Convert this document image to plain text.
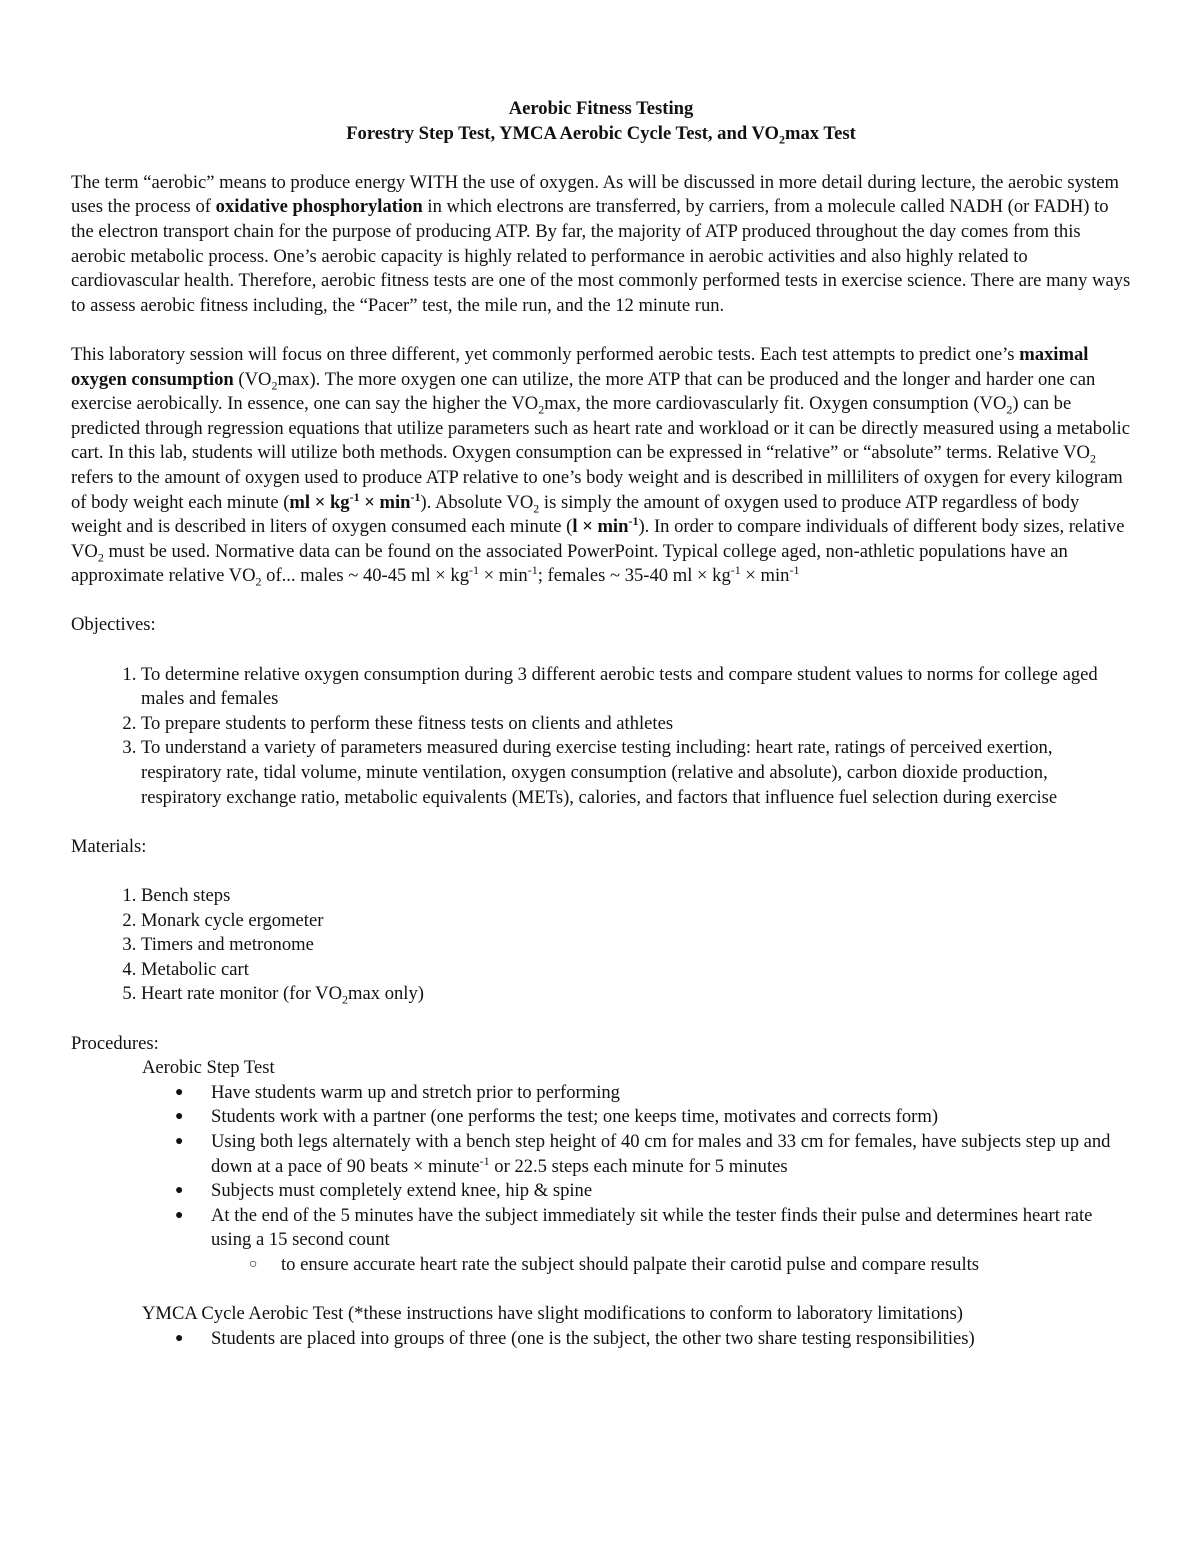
Aerobic Fitness Testing
Forestry Step Test, YMCA Aerobic Cycle Test, and $VO_2\max$ Test

The term “aerobic” means to produce energy WITH the use of oxygen. As will be discussed in more detail during lecture, the aerobic system uses the process of oxidative phosphorylation in which electrons are transferred, by carriers, from a molecule called NADH (or FADH) to the electron transport chain for the purpose of producing ATP. By far, the majority of ATP produced throughout the day comes from this aerobic metabolic process. One’s aerobic capacity is highly related to performance in aerobic activities and also highly related to cardiovascular health. Therefore, aerobic fitness tests are one of the most commonly performed tests in exercise science. There are many ways to assess aerobic fitness including, the “Pacer” test, the mile run, and the 12 minute run.

This laboratory session will focus on three different, yet commonly performed aerobic tests. Each test attempts to predict one’s maximal oxygen consumption $(VO_2\max)$. The more oxygen one can utilize, the more ATP that can be produced and the longer and harder one can exercise aerobically. In essence, one can say the higher the $VO_2\max$, the more cardiovascularly fit. Oxygen consumption $(VO_2)$ can be predicted through regression equations that utilize parameters such as heart rate and workload or it can be directly measured using a metabolic cart. In this lab, students will utilize both methods. Oxygen consumption can be expressed in “relative” or “absolute” terms. Relative $VO_2$ refers to the amount of oxygen used to produce ATP relative to one’s body weight and is described in milliliters of oxygen for every kilogram of body weight each minute $(ml \times kg^{-1} \times \min^{-1})$. Absolute $VO_2$ is simply the amount of oxygen used to produce ATP regardless of body weight and is described in liters of oxygen consumed each minute $(l \times \min^{-1})$. In order to compare individuals of different body sizes, relative $VO_2$ must be used. Normative data can be found on the associated PowerPoint. Typical college aged, non-athletic populations have an approximate relative $VO_2$ of... males ~ 40-45 ml × $kg^{-1} \times \min^{-1}$; females ~ 35-40 ml × $kg^{-1} \times \min^{-1}$

Objectives:

1. To determine relative oxygen consumption during 3 different aerobic tests and compare student values to norms for college aged males and females
2. To prepare students to perform these fitness tests on clients and athletes
3. To understand a variety of parameters measured during exercise testing including: heart rate, ratings of perceived exertion, respiratory rate, tidal volume, minute ventilation, oxygen consumption (relative and absolute), carbon dioxide production, respiratory exchange ratio, metabolic equivalents (METs), calories, and factors that influence fuel selection during exercise

Materials:

1. Bench steps
2. Monark cycle ergometer
3. Timers and metronome
4. Metabolic cart
5. Heart rate monitor (for $VO_2\max$ only)

Procedures:

Aerobic Step Test

● Have students warm up and stretch prior to performing
● Students work with a partner (one performs the test; one keeps time, motivates and corrects form)
● Using both legs alternately with a bench step height of 40 cm for males and 33 cm for females, have subjects step up and down at a pace of 90 beats × minute$^{-1}$ or 22.5 steps each minute for 5 minutes
● Subjects must completely extend knee, hip & spine
● At the end of the 5 minutes have the subject immediately sit while the tester finds their pulse and determines heart rate using a 15 second count
○ to ensure accurate heart rate the subject should palpate their carotid pulse and compare results

YMCA Cycle Aerobic Test (*these instructions have slight modifications to conform to laboratory limitations)

● Students are placed into groups of three (one is the subject, the other two share testing responsibilities)
